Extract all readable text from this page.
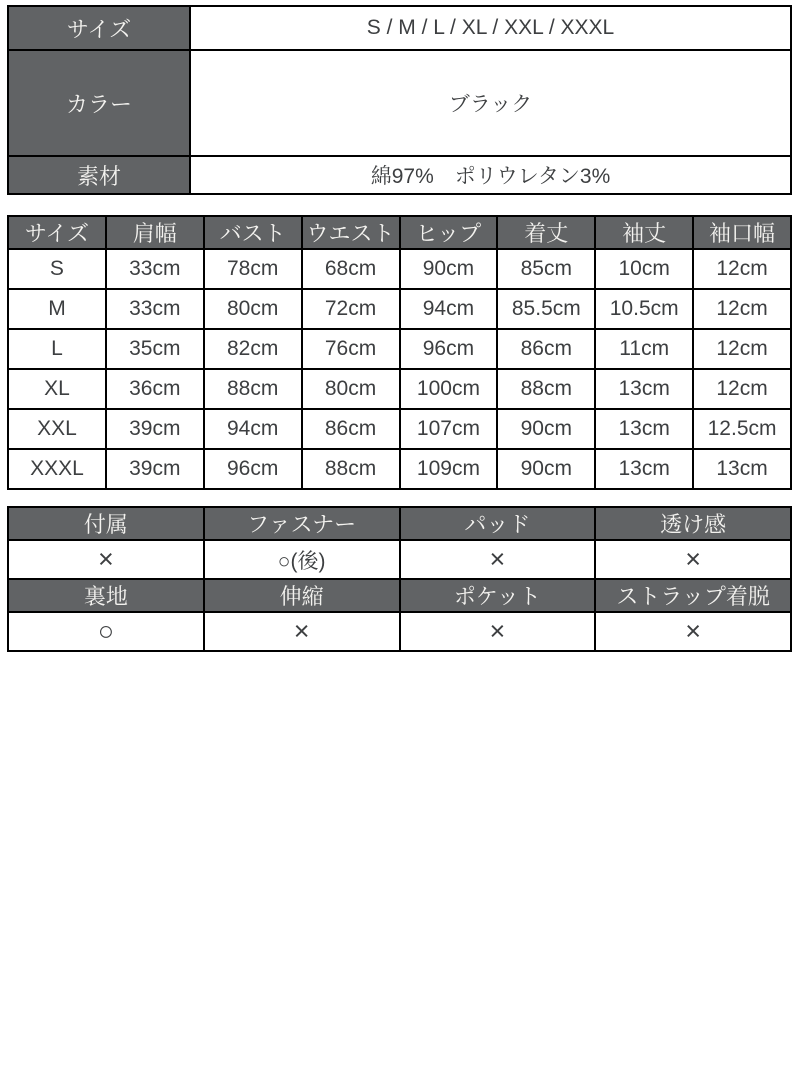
サイズ	S / M / L / XL / XXL / XXXL
カラー	ブラック
素材	綿97%　ポリウレタン3%
サイズ	肩幅	バスト	ウエスト	ヒップ	着丈	袖丈	袖口幅
S	33cm	78cm	68cm	90cm	85cm	10cm	12cm
M	33cm	80cm	72cm	94cm	85.5cm	10.5cm	12cm
L	35cm	82cm	76cm	96cm	86cm	11cm	12cm
XL	36cm	88cm	80cm	100cm	88cm	13cm	12cm
XXL	39cm	94cm	86cm	107cm	90cm	13cm	12.5cm
XXXL	39cm	96cm	88cm	109cm	90cm	13cm	13cm
付属	ファスナー	パッド	透け感
×	○(後)	×	×
裏地	伸縮	ポケット	ストラップ着脱
○	×	×	×
